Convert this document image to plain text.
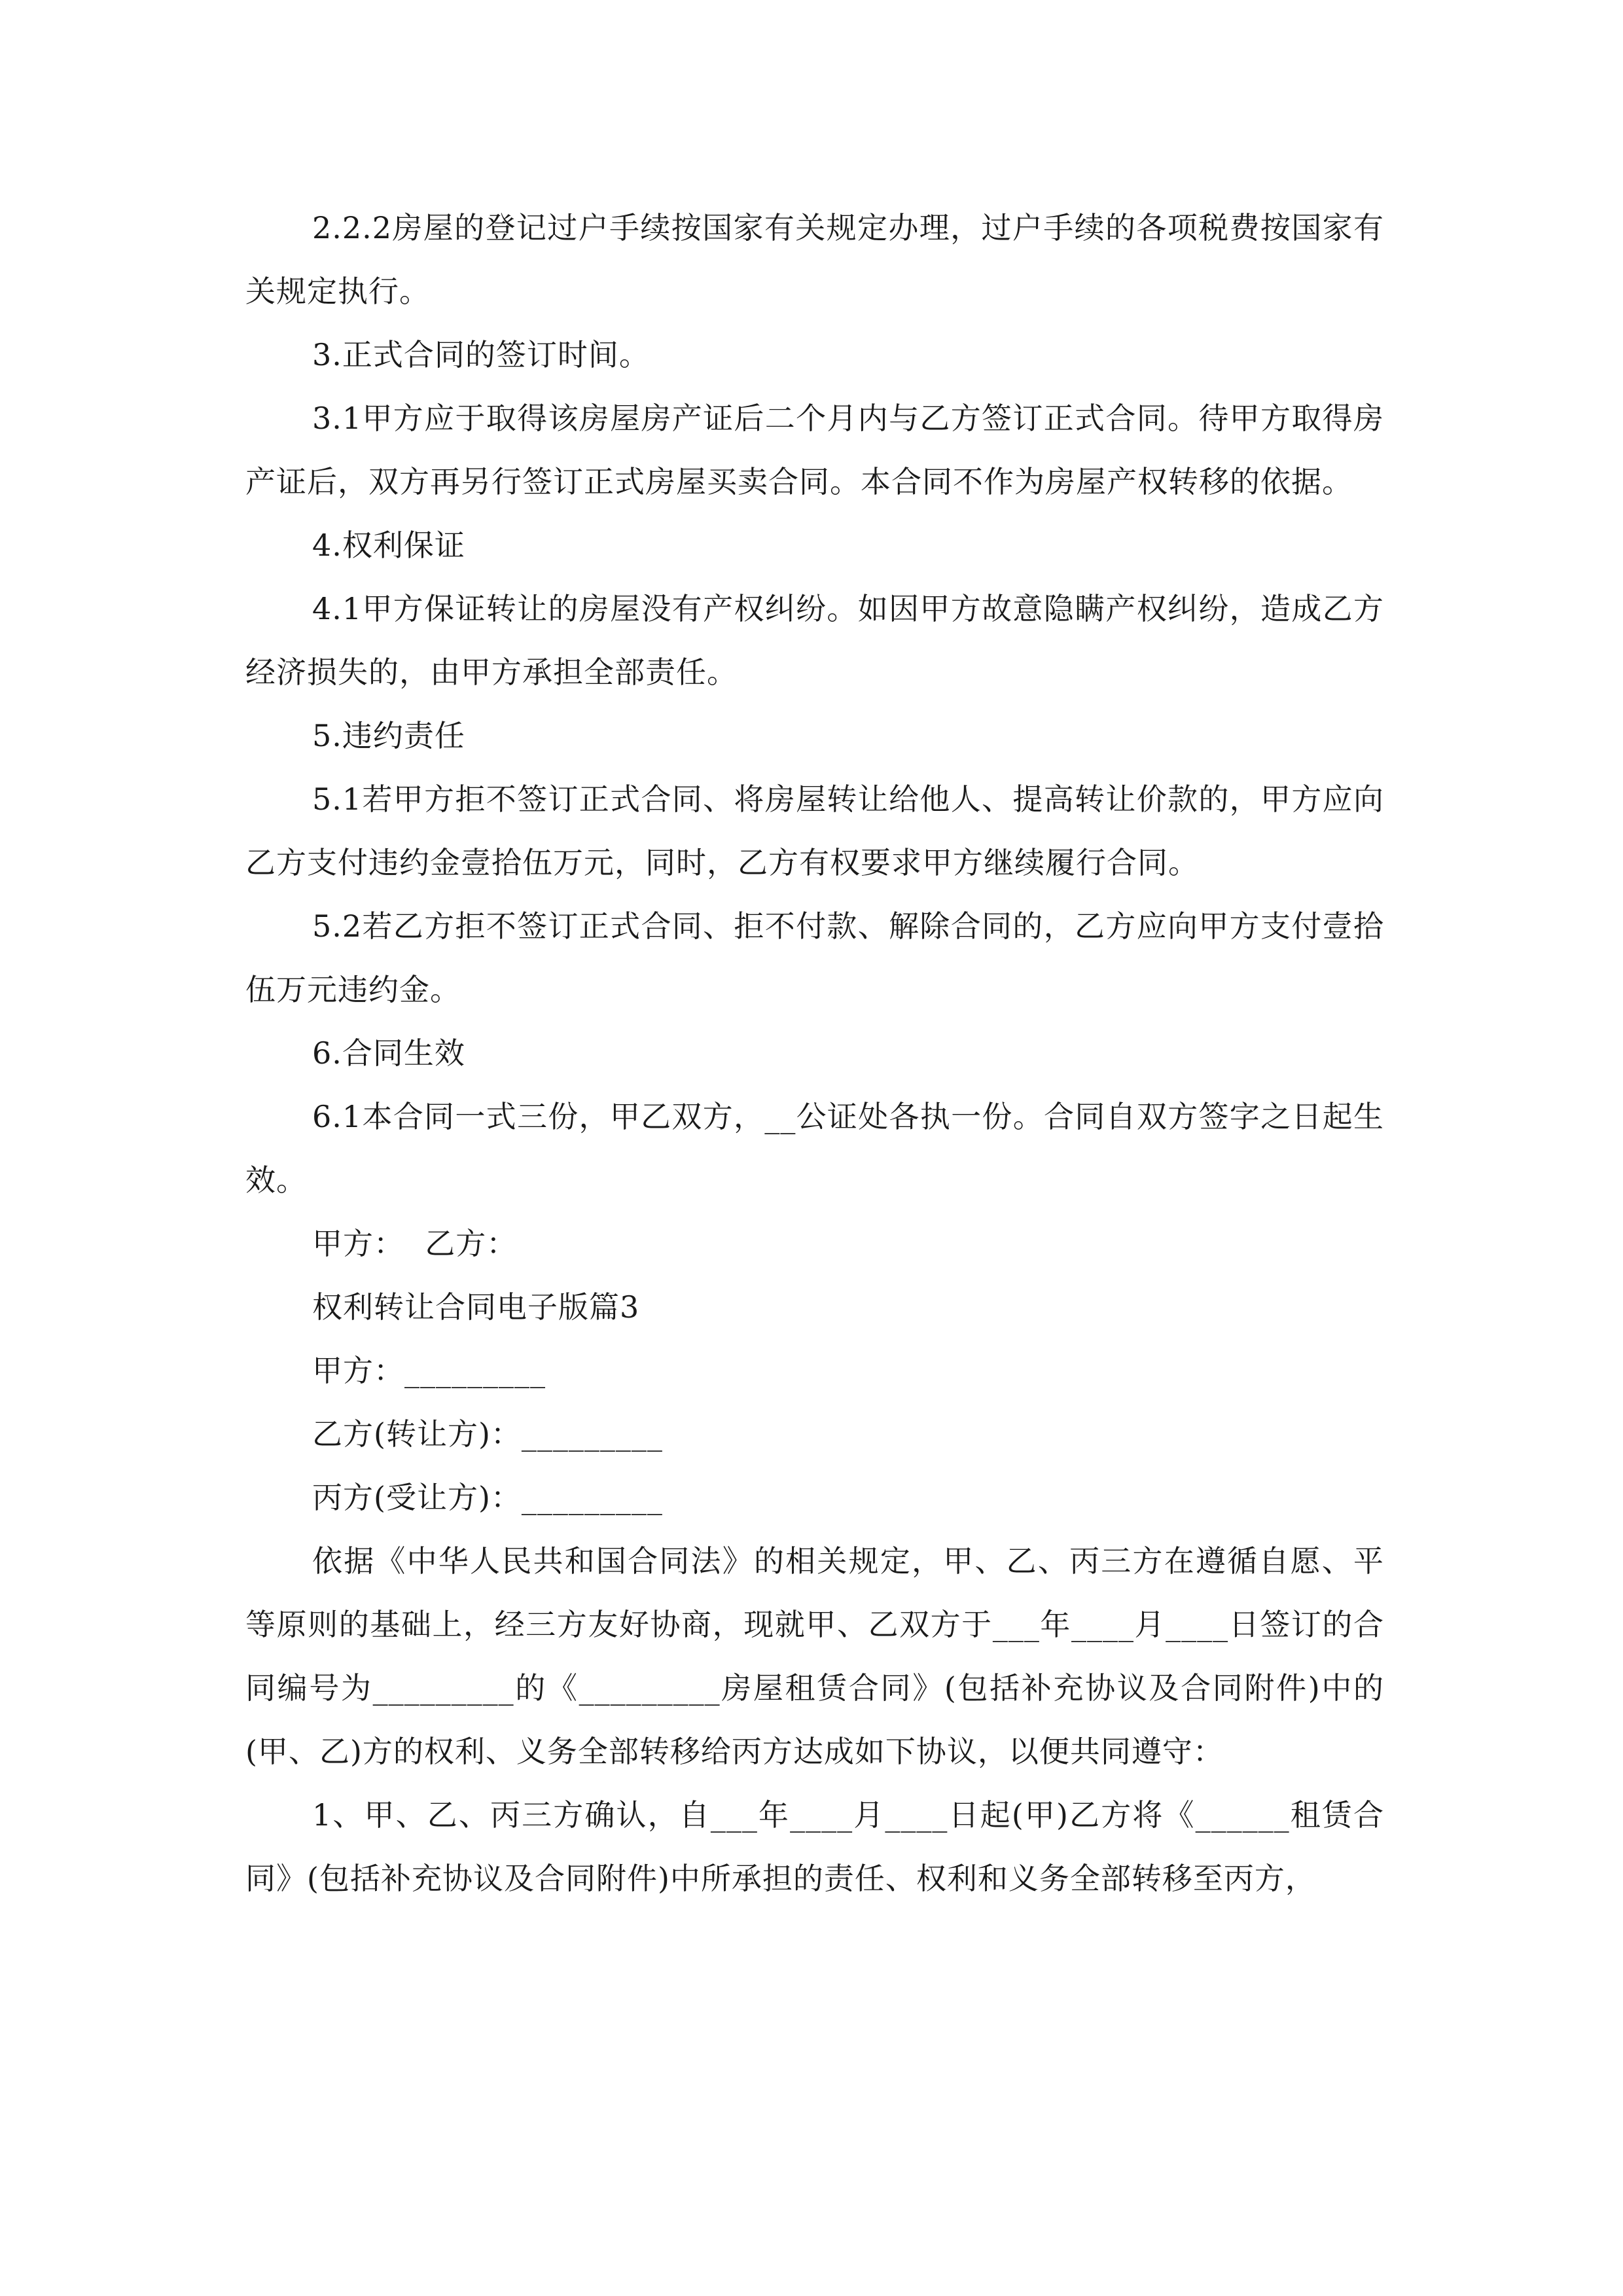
2.2.2房屋的登记过户手续按国家有关规定办理，过户手续的各项税费按国家有关规定执行。

3.正式合同的签订时间。

3.1甲方应于取得该房屋房产证后二个月内与乙方签订正式合同。待甲方取得房产证后，双方再另行签订正式房屋买卖合同。本合同不作为房屋产权转移的依据。

4.权利保证

4.1甲方保证转让的房屋没有产权纠纷。如因甲方故意隐瞒产权纠纷，造成乙方经济损失的，由甲方承担全部责任。

5.违约责任

5.1若甲方拒不签订正式合同、将房屋转让给他人、提高转让价款的，甲方应向乙方支付违约金壹拾伍万元，同时，乙方有权要求甲方继续履行合同。

5.2若乙方拒不签订正式合同、拒不付款、解除合同的，乙方应向甲方支付壹拾伍万元违约金。

6.合同生效

6.1本合同一式三份，甲乙双方，__公证处各执一份。合同自双方签字之日起生效。

甲方：  乙方：

权利转让合同电子版篇3

甲方：_________

乙方(转让方)：_________

丙方(受让方)：_________

依据《中华人民共和国合同法》的相关规定，甲、乙、丙三方在遵循自愿、平等原则的基础上，经三方友好协商，现就甲、乙双方于___年____月____日签订的合同编号为_________的《_________房屋租赁合同》(包括补充协议及合同附件)中的(甲、乙)方的权利、义务全部转移给丙方达成如下协议，以便共同遵守：

1、甲、乙、丙三方确认，自___年____月____日起(甲)乙方将《______租赁合同》(包括补充协议及合同附件)中所承担的责任、权利和义务全部转移至丙方，
